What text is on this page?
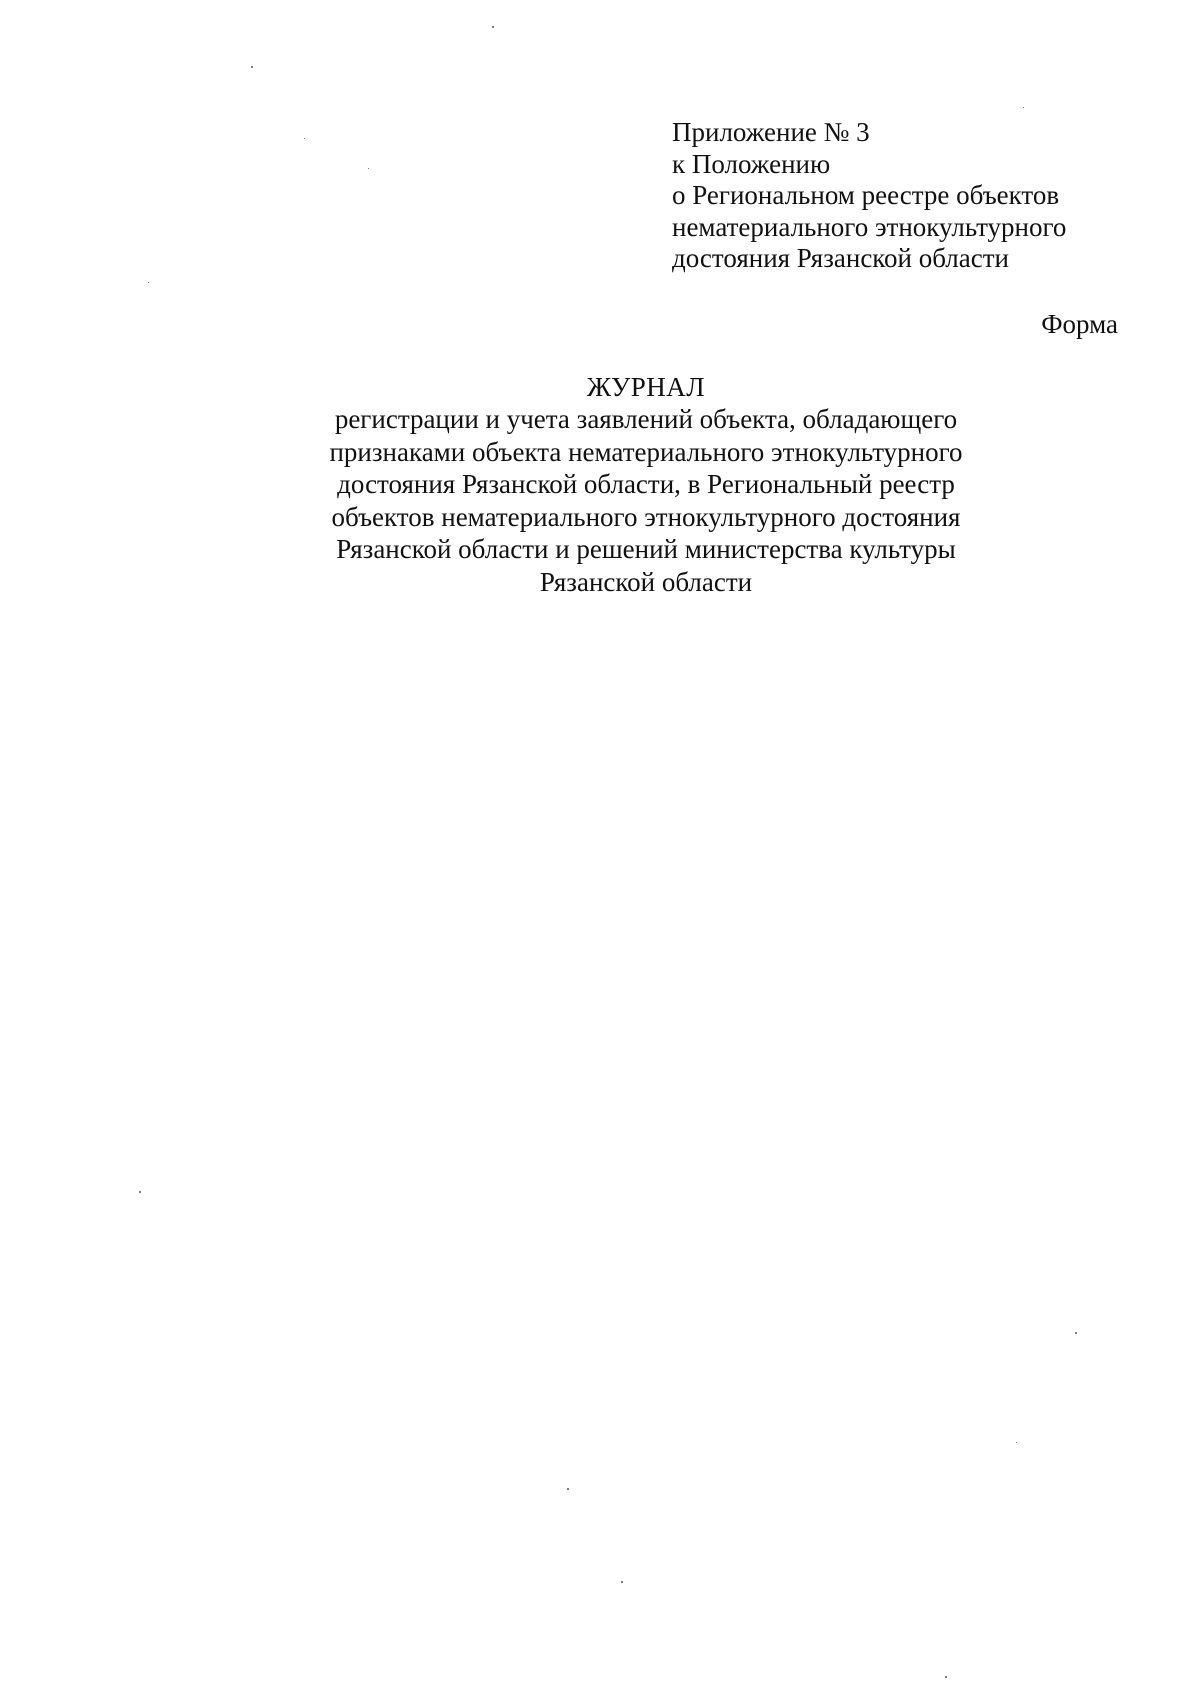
Приложение № 3
к Положению
о Региональном реестре объектов
нематериального этнокультурного
достояния Рязанской области
Форма
ЖУРНАЛ
регистрации и учета заявлений объекта, обладающего
признаками объекта нематериального этнокультурного
достояния Рязанской области, в Региональный реестр
объектов нематериального этнокультурного достояния
Рязанской области и решений министерства культуры
Рязанской области
